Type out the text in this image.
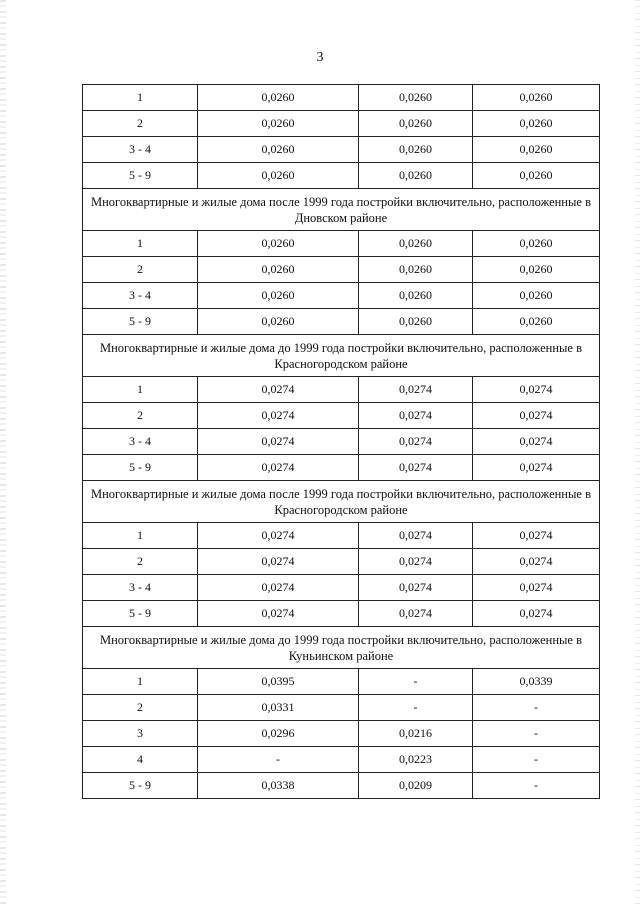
3
1	0,0260	0,0260	0,0260
2	0,0260	0,0260	0,0260
3 - 4	0,0260	0,0260	0,0260
5 - 9	0,0260	0,0260	0,0260
Многоквартирные и жилые дома после 1999 года постройки включительно, расположенные в Дновском районе			
1	0,0260	0,0260	0,0260
2	0,0260	0,0260	0,0260
3 - 4	0,0260	0,0260	0,0260
5 - 9	0,0260	0,0260	0,0260
Многоквартирные и жилые дома до 1999 года постройки включительно, расположенные в Красногородском районе			
1	0,0274	0,0274	0,0274
2	0,0274	0,0274	0,0274
3 - 4	0,0274	0,0274	0,0274
5 - 9	0,0274	0,0274	0,0274
Многоквартирные и жилые дома после 1999 года постройки включительно, расположенные в Красногородском районе			
1	0,0274	0,0274	0,0274
2	0,0274	0,0274	0,0274
3 - 4	0,0274	0,0274	0,0274
5 - 9	0,0274	0,0274	0,0274
Многоквартирные и жилые дома до 1999 года постройки включительно, расположенные в Куньинском районе			
1	0,0395	-	0,0339
2	0,0331	-	-
3	0,0296	0,0216	-
4	-	0,0223	-
5 - 9	0,0338	0,0209	-
